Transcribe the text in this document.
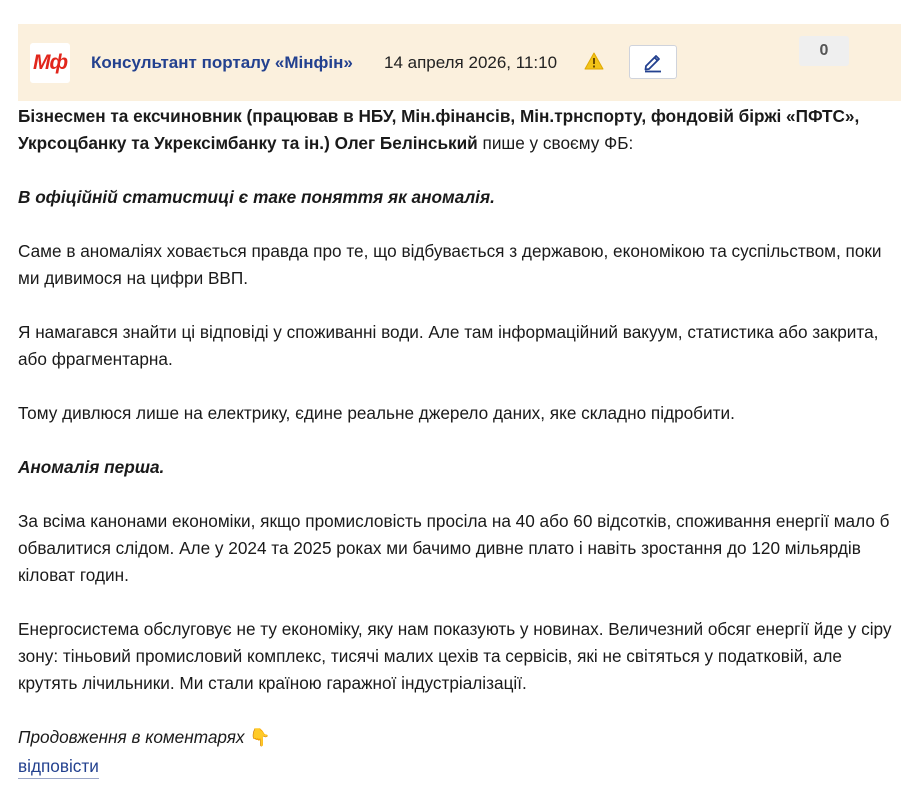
Мф Консультант порталу «Мінфін» 14 апреля 2026, 11:10
0

Бізнесмен та ексчиновник (працював в НБУ, Мін.фінансів, Мін.трнспорту, фондовій біржі «ПФТС», Укрсоцбанку та Укрексімбанку та ін.) Олег Белінський пише у своєму ФБ:

В офіційній статистиці є таке поняття як аномалія.

Саме в аномаліях ховається правда про те, що відбувається з державою, економікою та суспільством, поки ми дивимося на цифри ВВП.

Я намагався знайти ці відповіді у споживанні води. Але там інформаційний вакуум, статистика або закрита, або фрагментарна.

Тому дивлюся лише на електрику, єдине реальне джерело даних, яке складно підробити.

Аномалія перша.

За всіма канонами економіки, якщо промисловість просіла на 40 або 60 відсотків, споживання енергії мало б обвалитися слідом. Але у 2024 та 2025 роках ми бачимо дивне плато і навіть зростання до 120 мільярдів кіловат годин.

Енергосистема обслуговує не ту економіку, яку нам показують у новинах. Величезний обсяг енергії йде у сіру зону: тіньовий промисловий комплекс, тисячі малих цехів та сервісів, які не світяться у податковій, але крутять лічильники. Ми стали країною гаражної індустріалізації.

Продовження в коментарях 👇

відповісти
